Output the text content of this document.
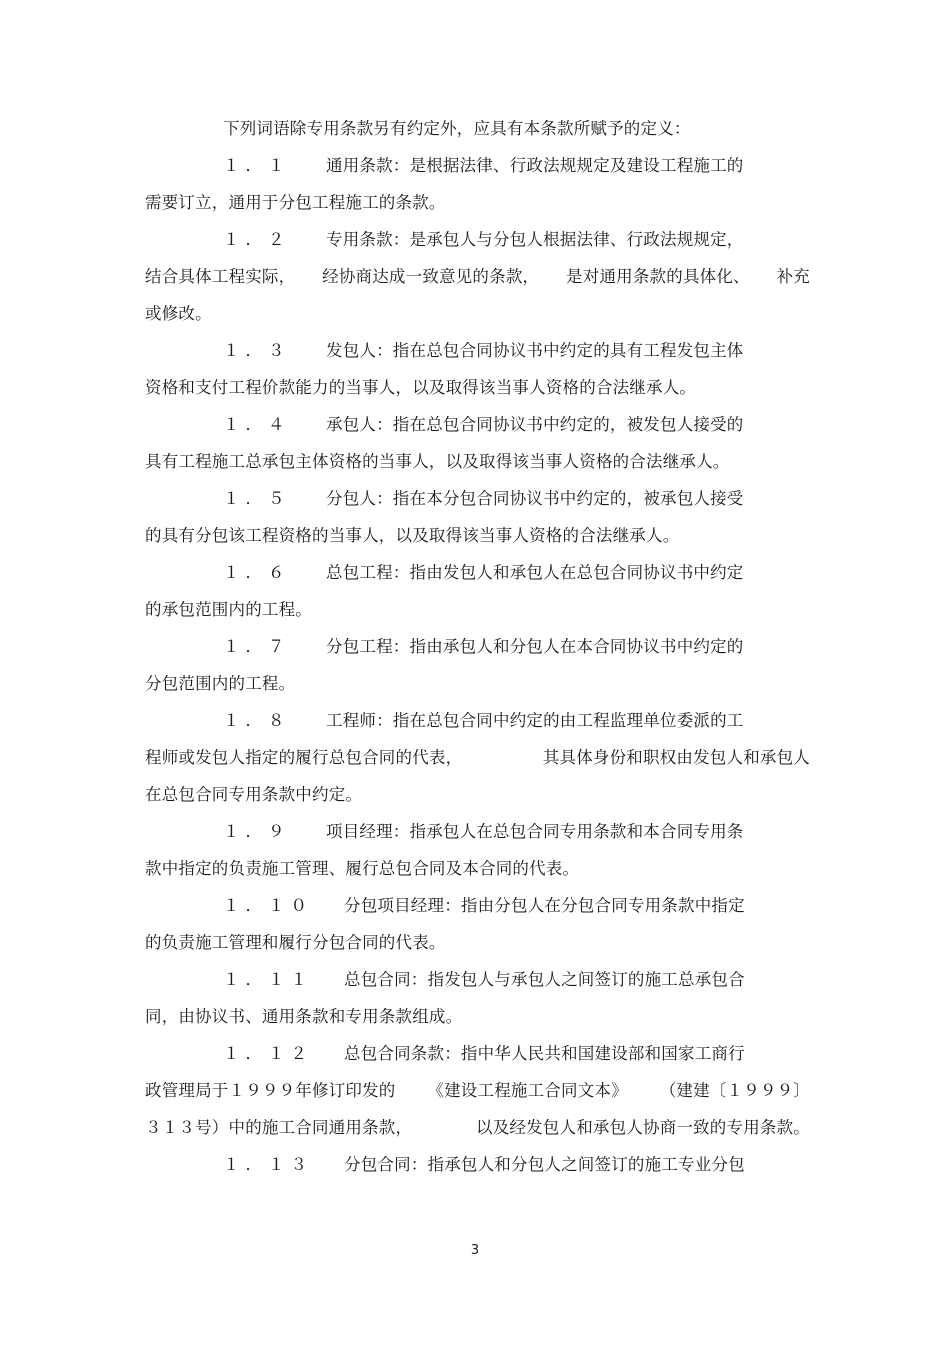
下列词语除专用条款另有约定外，应具有本条款所赋予的定义：
１．１ 通用条款：是根据法律、行政法规规定及建设工程施工的
需要订立，通用于分包工程施工的条款。
１．２ 专用条款：是承包人与分包人根据法律、行政法规规定，
结合具体工程实际， 经协商达成一致意见的条款， 是对通用条款的具体化、 补充
或修改。
１．３ 发包人：指在总包合同协议书中约定的具有工程发包主体
资格和支付工程价款能力的当事人，以及取得该当事人资格的合法继承人。
１．４ 承包人：指在总包合同协议书中约定的，被发包人接受的
具有工程施工总承包主体资格的当事人，以及取得该当事人资格的合法继承人。
１．５ 分包人：指在本分包合同协议书中约定的，被承包人接受
的具有分包该工程资格的当事人，以及取得该当事人资格的合法继承人。
１．６ 总包工程：指由发包人和承包人在总包合同协议书中约定
的承包范围内的工程。
１．７ 分包工程：指由承包人和分包人在本合同协议书中约定的
分包范围内的工程。
１．８ 工程师：指在总包合同中约定的由工程监理单位委派的工
程师或发包人指定的履行总包合同的代表，	其具体身份和职权由发包人和承包人
在总包合同专用条款中约定。
１．９ 项目经理：指承包人在总包合同专用条款和本合同专用条
款中指定的负责施工管理、履行总包合同及本合同的代表。
１．１０ 分包项目经理：指由分包人在分包合同专用条款中指定
的负责施工管理和履行分包合同的代表。
１．１１ 总包合同：指发包人与承包人之间签订的施工总承包合
同，由协议书、通用条款和专用条款组成。
１．１２ 总包合同条款：指中华人民共和国建设部和国家工商行
政管理局于１９９９年修订印发的 《建设工程施工合同文本》 （建建〔１９９９〕
３１３号）中的施工合同通用条款，	以及经发包人和承包人协商一致的专用条款。
１．１３ 分包合同：指承包人和分包人之间签订的施工专业分包
3
